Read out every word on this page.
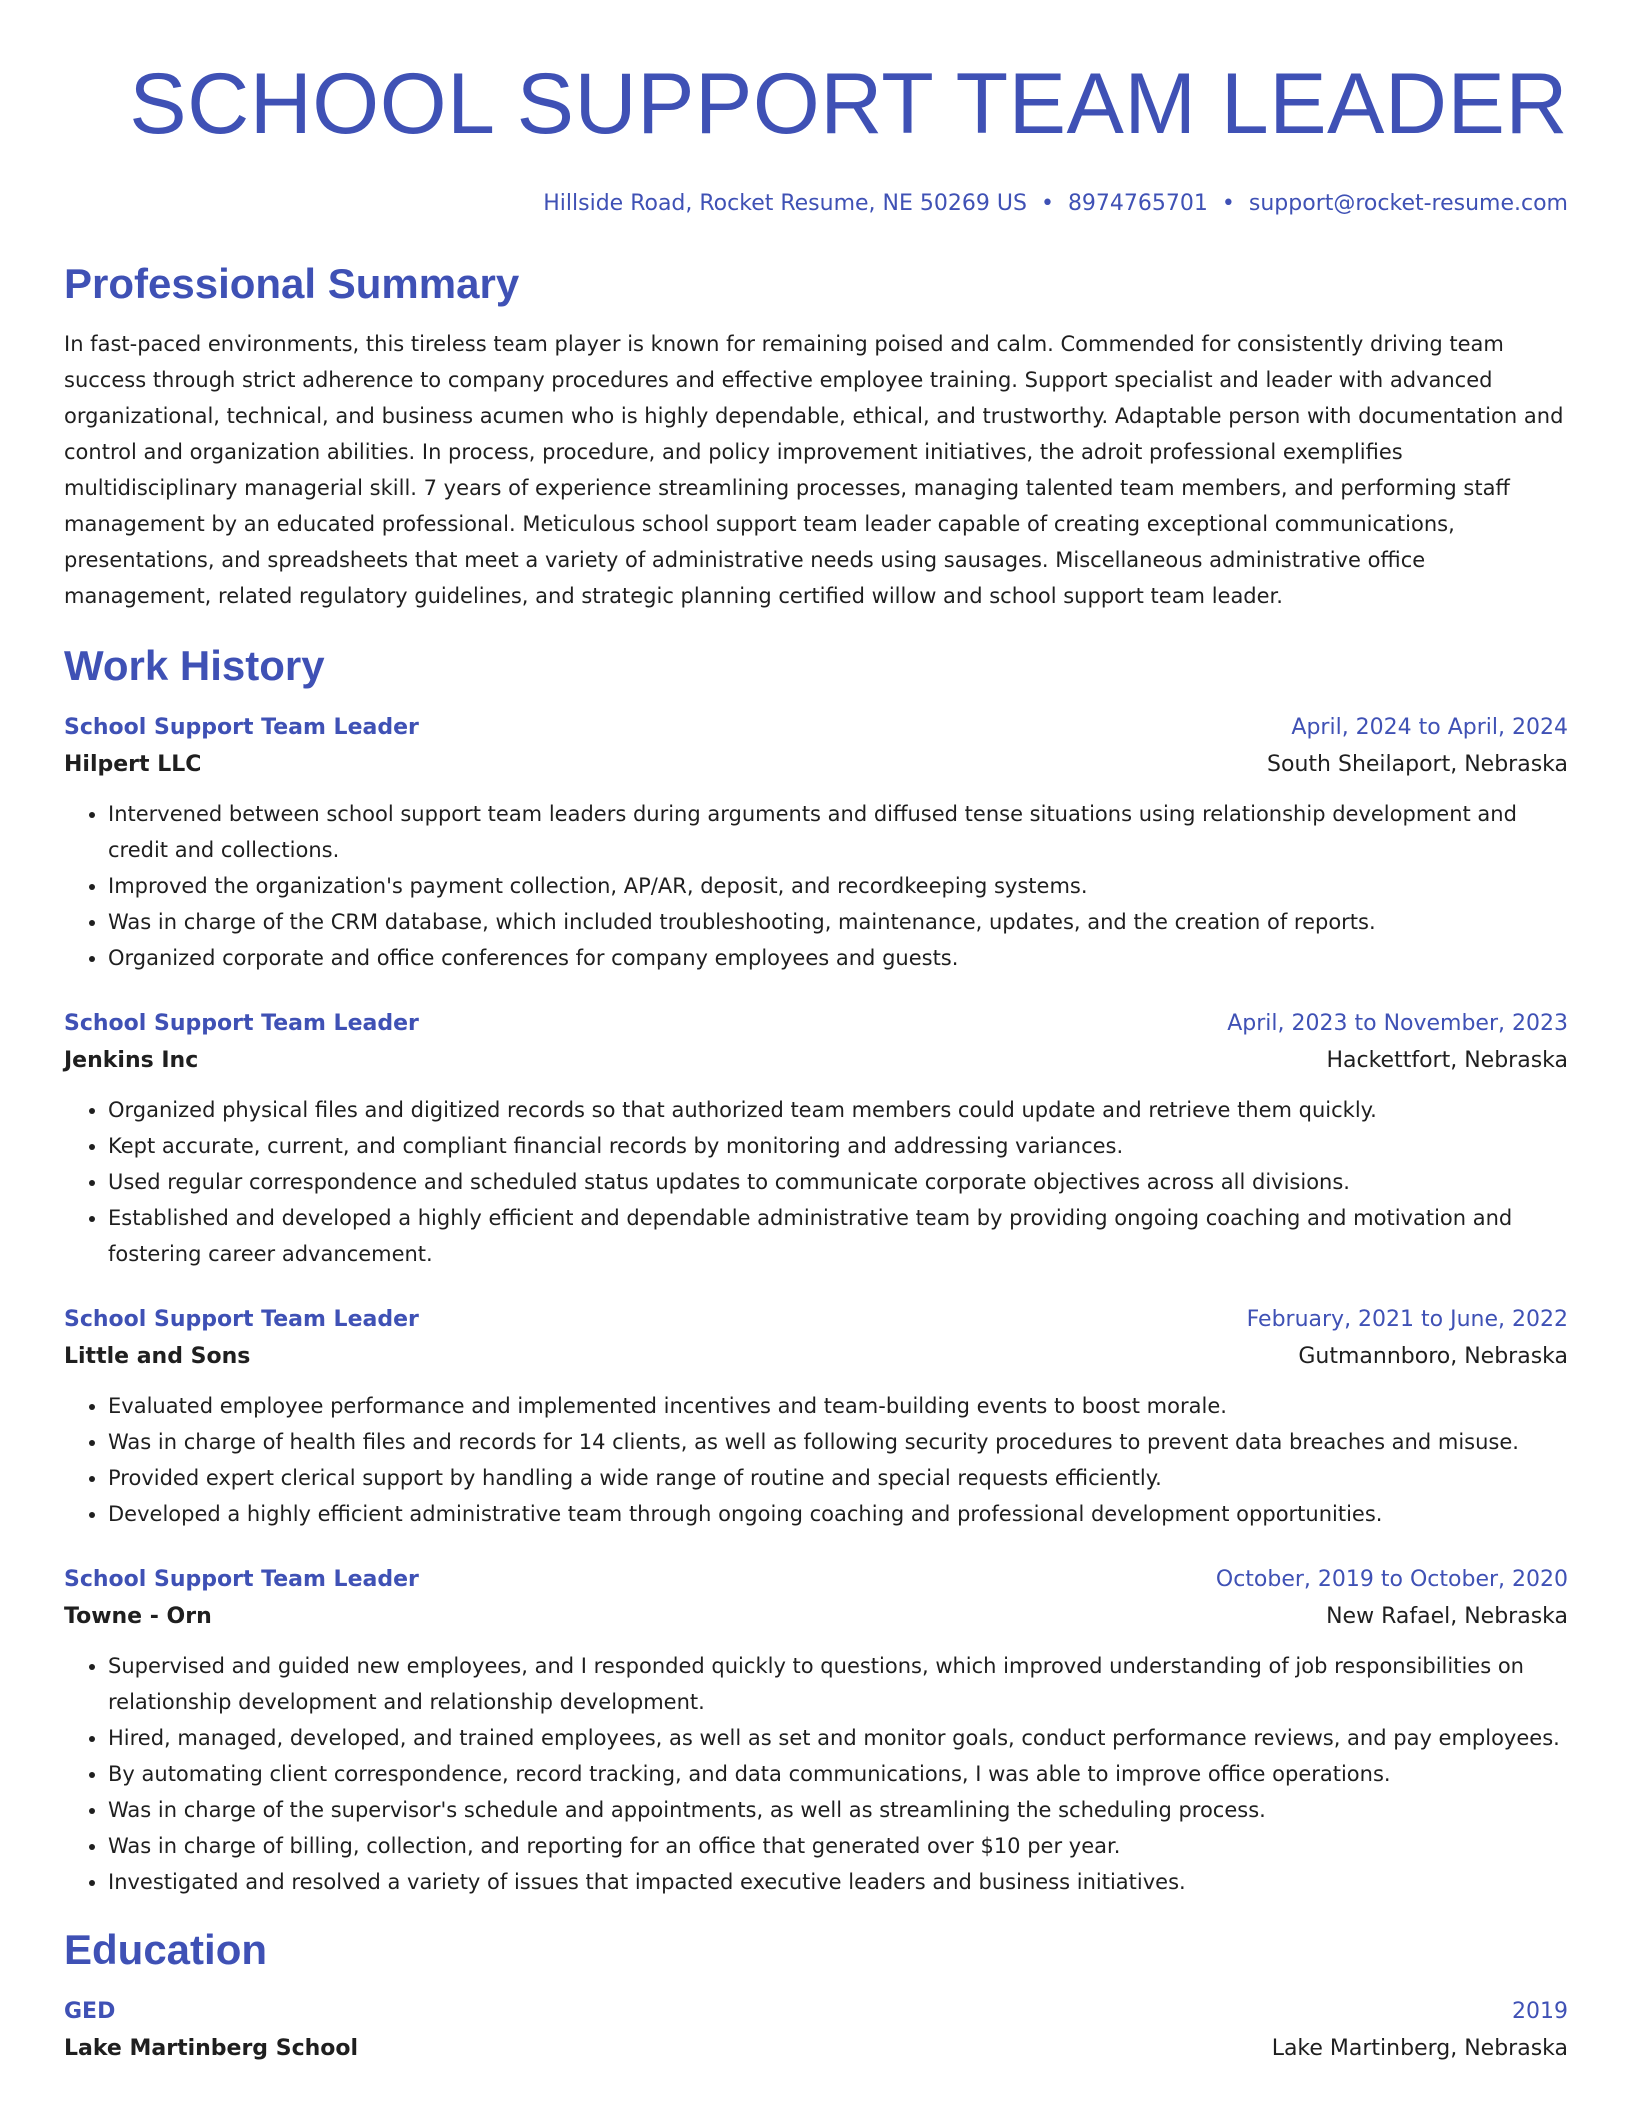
SCHOOL SUPPORT TEAM LEADER
Hillside Road, Rocket Resume, NE 50269 US • 8974765701 • support@rocket-resume.com
Professional Summary

In fast-paced environments, this tireless team player is known for remaining poised and calm. Commended for consistently driving team success through strict adherence to company procedures and effective employee training. Support specialist and leader with advanced organizational, technical, and business acumen who is highly dependable, ethical, and trustworthy. Adaptable person with documentation and control and organization abilities. In process, procedure, and policy improvement initiatives, the adroit professional exemplifies multidisciplinary managerial skill. 7 years of experience streamlining processes, managing talented team members, and performing staff management by an educated professional. Meticulous school support team leader capable of creating exceptional communications, presentations, and spreadsheets that meet a variety of administrative needs using sausages. Miscellaneous administrative office management, related regulatory guidelines, and strategic planning certified willow and school support team leader.

Work History
School Support Team Leader	April, 2024 to April, 2024
Hilpert LLC	South Sheilaport, Nebraska
• Intervened between school support team leaders during arguments and diffused tense situations using relationship development and credit and collections.
• Improved the organization's payment collection, AP/AR, deposit, and recordkeeping systems.
• Was in charge of the CRM database, which included troubleshooting, maintenance, updates, and the creation of reports.
• Organized corporate and office conferences for company employees and guests.
School Support Team Leader	April, 2023 to November, 2023
Jenkins Inc	Hackettfort, Nebraska
• Organized physical files and digitized records so that authorized team members could update and retrieve them quickly.
• Kept accurate, current, and compliant financial records by monitoring and addressing variances.
• Used regular correspondence and scheduled status updates to communicate corporate objectives across all divisions.
• Established and developed a highly efficient and dependable administrative team by providing ongoing coaching and motivation and fostering career advancement.
School Support Team Leader	February, 2021 to June, 2022
Little and Sons	Gutmannboro, Nebraska
• Evaluated employee performance and implemented incentives and team-building events to boost morale.
• Was in charge of health files and records for 14 clients, as well as following security procedures to prevent data breaches and misuse.
• Provided expert clerical support by handling a wide range of routine and special requests efficiently.
• Developed a highly efficient administrative team through ongoing coaching and professional development opportunities.
School Support Team Leader	October, 2019 to October, 2020
Towne - Orn	New Rafael, Nebraska
• Supervised and guided new employees, and I responded quickly to questions, which improved understanding of job responsibilities on relationship development and relationship development.
• Hired, managed, developed, and trained employees, as well as set and monitor goals, conduct performance reviews, and pay employees.
• By automating client correspondence, record tracking, and data communications, I was able to improve office operations.
• Was in charge of the supervisor's schedule and appointments, as well as streamlining the scheduling process.
• Was in charge of billing, collection, and reporting for an office that generated over $10 per year.
• Investigated and resolved a variety of issues that impacted executive leaders and business initiatives.
Education
GED	2019
Lake Martinberg School	Lake Martinberg, Nebraska
